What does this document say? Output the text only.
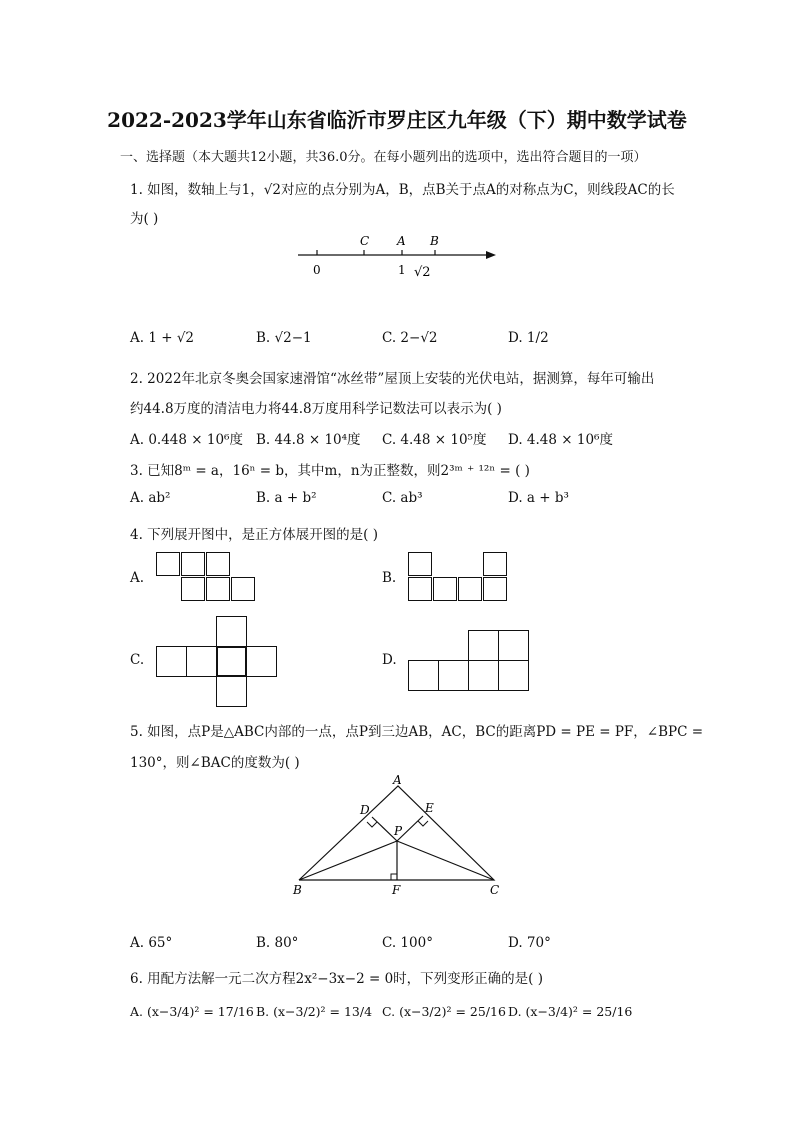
2022-2023学年山东省临沂市罗庄区九年级（下）期中数学试卷
一、选择题（本大题共12小题，共36.0分。在每小题列出的选项中，选出符合题目的一项）
1. 如图，数轴上与1，√2对应的点分别为A，B，点B关于点A的对称点为C，则线段AC的长
为( )
C A B
0	1 √2
A. 1 + √2	B. √2−1	C. 2−√2	D. 1/2
2. 2022年北京冬奥会国家速滑馆“冰丝带”屋顶上安装的光伏电站，据测算，每年可输出
约44.8万度的清洁电力将44.8万度用科学记数法可以表示为( )
A. 0.448 × 10⁶度 B. 44.8 × 10⁴度 C. 4.48 × 10⁵度 D. 4.48 × 10⁶度
3. 已知8ᵐ = a，16ⁿ = b，其中m，n为正整数，则2³ᵐ ⁺ ¹²ⁿ = ( )
A. ab²	B. a + b²	C. ab³	D. a + b³
4. 下列展开图中，是正方体展开图的是( )
A.	B.
C.	D.
5. 如图，点P是△ABC内部的一点，点P到三边AB，AC，BC的距离PD = PE = PF，∠BPC =
130°，则∠BAC的度数为( )
A
D	E
P
B	F	C
A. 65°	B. 80°	C. 100°	D. 70°
6. 用配方法解一元二次方程2x²−3x−2 = 0时，下列变形正确的是( )
A. (x−3/4)² = 17/16 B. (x−3/2)² = 13/4 C. (x−3/2)² = 25/16 D. (x−3/4)² = 25/16
